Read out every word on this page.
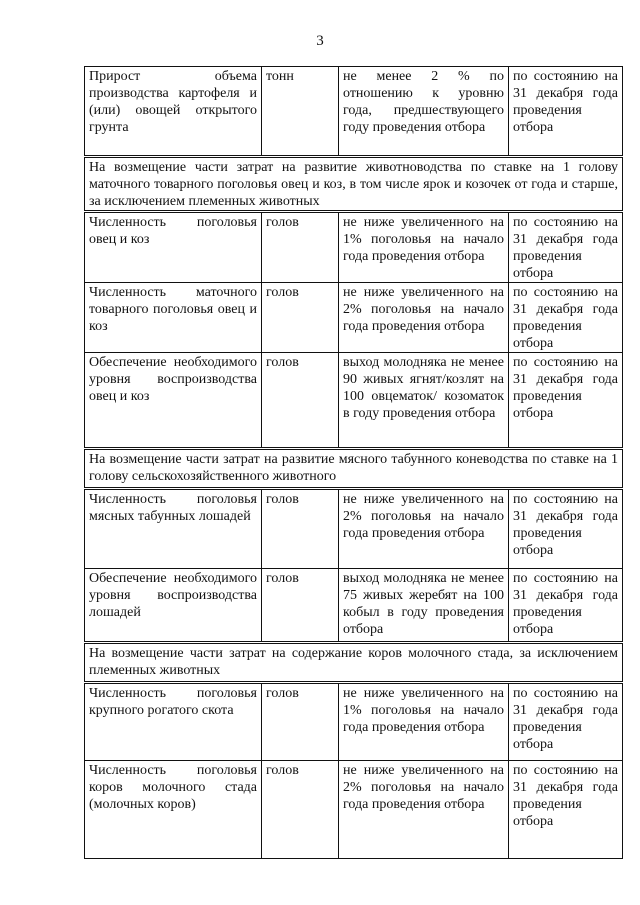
3
Прирост объема производства картофеля и (или) овощей открытого грунта	тонн	не менее 2 % по отношению к уровню года, предшествующего году проведения отбора	по состоянию на 31 декабря года проведения отбора
На возмещение части затрат на развитие животноводства по ставке на 1 голову маточного товарного поголовья овец и коз, в том числе ярок и козочек от года и старше, за исключением племенных животных			
Численность поголовья овец и коз	голов	не ниже увеличенного на 1% поголовья на начало года проведения отбора	по состоянию на 31 декабря года проведения отбора
Численность маточного товарного поголовья овец и коз	голов	не ниже увеличенного на 2% поголовья на начало года проведения отбора	по состоянию на 31 декабря года проведения отбора
Обеспечение необходимого уровня воспроизводства овец и коз	голов	выход молодняка не менее 90 живых ягнят/козлят на 100 овцематок/ козоматок в году проведения отбора	по состоянию на 31 декабря года проведения отбора
На возмещение части затрат на развитие мясного табунного коневодства по ставке на 1 голову сельскохозяйственного животного			
Численность поголовья мясных табунных лошадей	голов	не ниже увеличенного на 2% поголовья на начало года проведения отбора	по состоянию на 31 декабря года проведения отбора
Обеспечение необходимого уровня воспроизводства лошадей	голов	выход молодняка не менее 75 живых жеребят на 100 кобыл в году проведения отбора	по состоянию на 31 декабря года проведения отбора
На возмещение части затрат на содержание коров молочного стада, за исключением племенных животных			
Численность поголовья крупного рогатого скота	голов	не ниже увеличенного на 1% поголовья на начало года проведения отбора	по состоянию на 31 декабря года проведения отбора
Численность поголовья коров молочного стада (молочных коров)	голов	не ниже увеличенного на 2% поголовья на начало года проведения отбора	по состоянию на 31 декабря года проведения отбора
